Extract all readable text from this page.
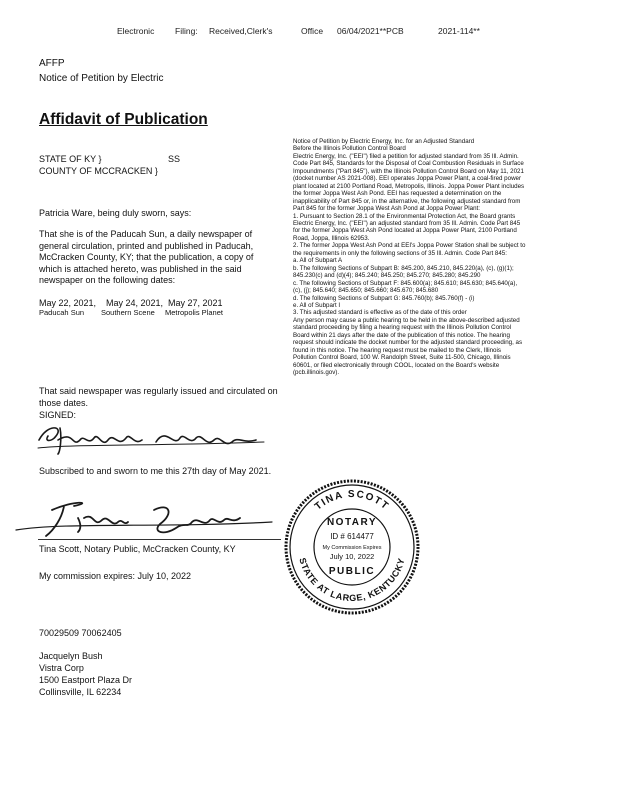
Electronic Filing: Received,Clerk's	Office 06/04/2021**PCB	2021-114**
AFFP
Notice of Petition by Electric
Affidavit of Publication
STATE OF KY }	SS
COUNTY OF MCCRACKEN }
Patricia Ware, being duly sworn, says:
That she is of the Paducah Sun, a daily newspaper of general circulation, printed and published in Paducah, McCracken County, KY; that the publication, a copy of which is attached hereto, was published in the said newspaper on the following dates:
May 22, 2021, May 24, 2021, May 27, 2021
Paducah Sun Southern Scene Metropolis Planet
That said newspaper was regularly issued and circulated on those dates.
SIGNED:
Subscribed to and sworn to me this 27th day of May 2021.
Tina Scott, Notary Public, McCracken County, KY
My commission expires: July 10, 2022
TINA SCOTT
STATE AT LARGE, KENTUCKY
NOTARY
ID # 614477
My Commission Expires
July 10, 2022
PUBLIC
70029509 70062405
Jacquelyn Bush
Vistra Corp
1500 Eastport Plaza Dr
Collinsville, IL 62234
Notice of Petition by Electric Energy, Inc. for an Adjusted Standard
Before the Illinois Pollution Control Board
Electric Energy, Inc. ("EEI") filed a petition for adjusted standard from 35 Ill. Admin.
Code Part 845, Standards for the Disposal of Coal Combustion Residuals in Surface
Impoundments ("Part 845"), with the Illinois Pollution Control Board on May 11, 2021
(docket number AS 2021-008). EEI operates Joppa Power Plant, a coal-fired power
plant located at 2100 Portland Road, Metropolis, Illinois. Joppa Power Plant includes
the former Joppa West Ash Pond. EEI has requested a determination on the
inapplicability of Part 845 or, in the alternative, the following adjusted standard from
Part 845 for the former Joppa West Ash Pond at Joppa Power Plant:
1. Pursuant to Section 28.1 of the Environmental Protection Act, the Board grants
Electric Energy, Inc. ("EEI") an adjusted standard from 35 Ill. Admin. Code Part 845
for the former Joppa West Ash Pond located at Joppa Power Plant, 2100 Portland
Road, Joppa, Illinois 62953.
2. The former Joppa West Ash Pond at EEI's Joppa Power Station shall be subject to
the requirements in only the following sections of 35 Ill. Admin. Code Part 845:
a. All of Subpart A
b. The following Sections of Subpart B: 845.200, 845.210, 845.220(a), (c), (g)(1);
845.230(c) and (d)(4); 845.240; 845.250; 845.270; 845.280; 845.290
c. The following Sections of Subpart F: 845.600(a); 845.610; 845.630; 845.640(a),
(c), (j); 845.640; 845.650; 845.660; 845.670; 845.680
d. The following Sections of Subpart G: 845.760(b); 845.760(f) - (i)
e. All of Subpart I
3. This adjusted standard is effective as of the date of this order
Any person may cause a public hearing to be held in the above-described adjusted
standard proceeding by filing a hearing request with the Illinois Pollution Control
Board within 21 days after the date of the publication of this notice. The hearing
request should indicate the docket number for the adjusted standard proceeding, as
found in this notice. The hearing request must be mailed to the Clerk, Illinois
Pollution Control Board, 100 W. Randolph Street, Suite 11-500, Chicago, Illinois
60601, or filed electronically through COOL, located on the Board's website
(pcb.illinois.gov).
